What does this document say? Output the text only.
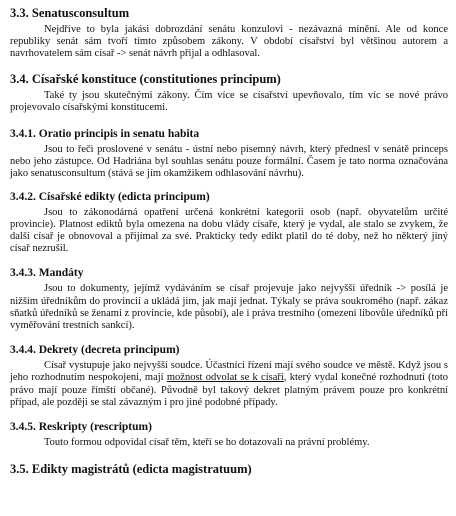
3.3. Senatusconsultum

Nejdříve to byla jakási dobrozdání senátu konzulovi - nezávazná mínění. Ale od konce republiky senát sám tvoří tímto způsobem zákony. V období císařství byl většinou autorem a navrhovatelem sám císař -> senát návrh přijal a odhlasoval.

3.4. Císařské konstituce (constitutiones principum)

Také ty jsou skutečnými zákony. Čím více se císařství upevňovalo, tím víc se nové právo projevovalo císařskými konstitucemi.

3.4.1. Oratio principis in senatu habita

Jsou to řeči proslovené v senátu - ústní nebo písemný návrh, který přednesl v senátě princeps nebo jeho zástupce. Od Hadriána byl souhlas senátu pouze formální. Časem je tato norma označována jako senatusconsultum (stává se jím okamžikem odhlasování návrhu).

3.4.2. Císařské edikty (edicta principum)

Jsou to zákonodárná opatření určená konkrétní kategorii osob (např. obyvatelům určité provincie). Platnost ediktů byla omezena na dobu vlády císaře, který je vydal, ale stalo se zvykem, že další císař je obnovoval a přijímal za své. Prakticky tedy edikt platil do té doby, než ho některý jiný císař nezrušil.

3.4.3. Mandáty

Jsou to dokumenty, jejímž vydáváním se císař projevuje jako nejvyšší úředník -> posílá je nižším úředníkům do provincií a ukládá jim, jak mají jednat. Týkaly se práva soukromého (např. zákaz sňatků úředníků se ženami z provincie, kde působí), ale i práva trestního (omezení libovůle úředníků při vyměřování trestních sankcí).

3.4.4. Dekrety (decreta principum)

Císař vystupuje jako nejvyšší soudce. Účastníci řízení mají svého soudce ve městě. Když jsou s jeho rozhodnutím nespokojeni, mají možnost odvolat se k císaři, který vydal konečné rozhodnutí (toto právo mají pouze římští občané). Původně byl takový dekret platným právem pouze pro konkrétní případ, ale později se stal závazným i pro jiné podobné případy.

3.4.5. Reskripty (rescriptum)

Touto formou odpovídal císař těm, kteří se ho dotazovali na právní problémy.

3.5. Edikty magistrátů (edicta magistratuum)
